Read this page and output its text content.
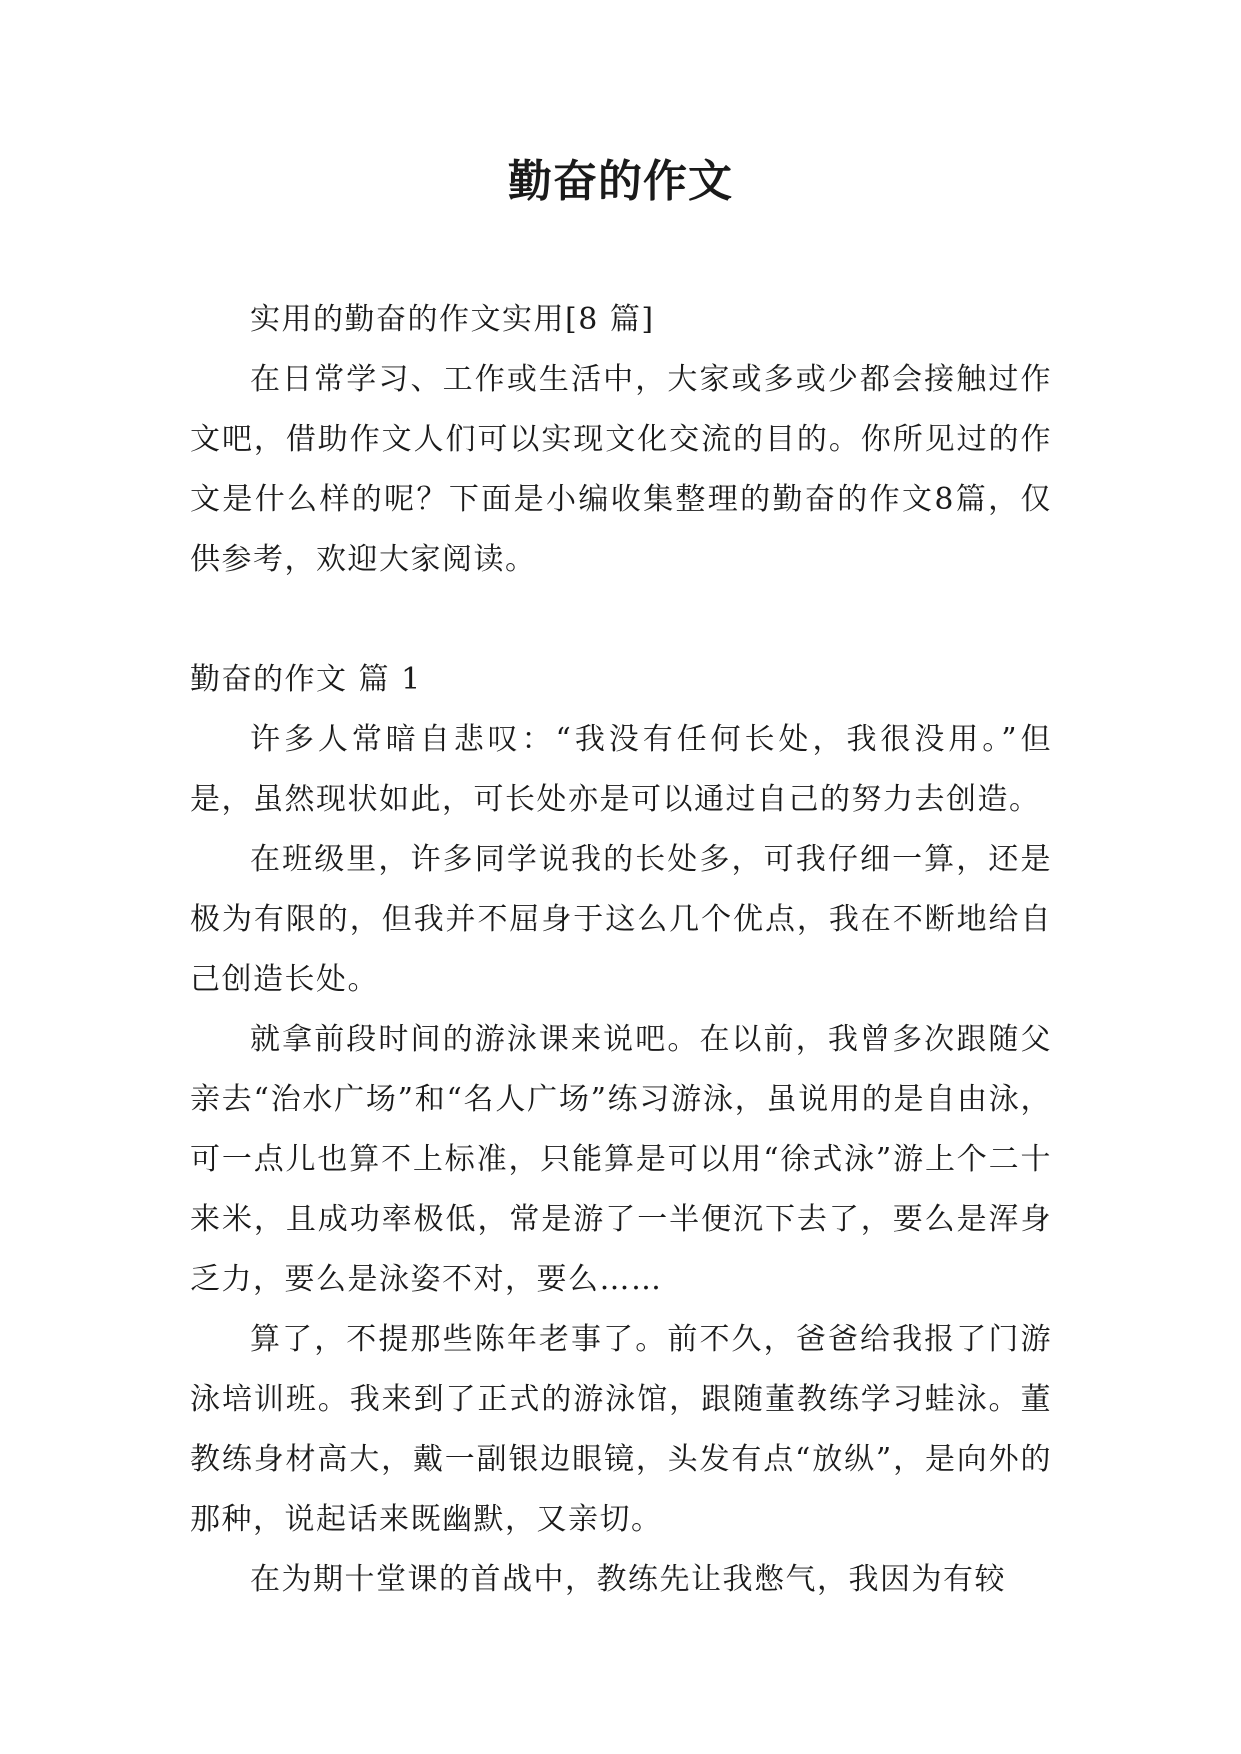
勤奋的作文

实用的勤奋的作文实用[8 篇]

在日常学习、工作或生活中，大家或多或少都会接触过作文吧，借助作文人们可以实现文化交流的目的。你所见过的作文是什么样的呢？下面是小编收集整理的勤奋的作文8篇，仅供参考，欢迎大家阅读。

勤奋的作文 篇 1

许多人常暗自悲叹：“我没有任何长处，我很没用。”但是，虽然现状如此，可长处亦是可以通过自己的努力去创造。

在班级里，许多同学说我的长处多，可我仔细一算，还是极为有限的，但我并不屈身于这么几个优点，我在不断地给自己创造长处。

就拿前段时间的游泳课来说吧。在以前，我曾多次跟随父亲去“治水广场”和“名人广场”练习游泳，虽说用的是自由泳，可一点儿也算不上标准，只能算是可以用“徐式泳”游上个二十来米，且成功率极低，常是游了一半便沉下去了，要么是浑身乏力，要么是泳姿不对，要么……

算了，不提那些陈年老事了。前不久，爸爸给我报了门游泳培训班。我来到了正式的游泳馆，跟随董教练学习蛙泳。董教练身材高大，戴一副银边眼镜，头发有点“放纵”，是向外的那种，说起话来既幽默，又亲切。

在为期十堂课的首战中，教练先让我憋气，我因为有较
